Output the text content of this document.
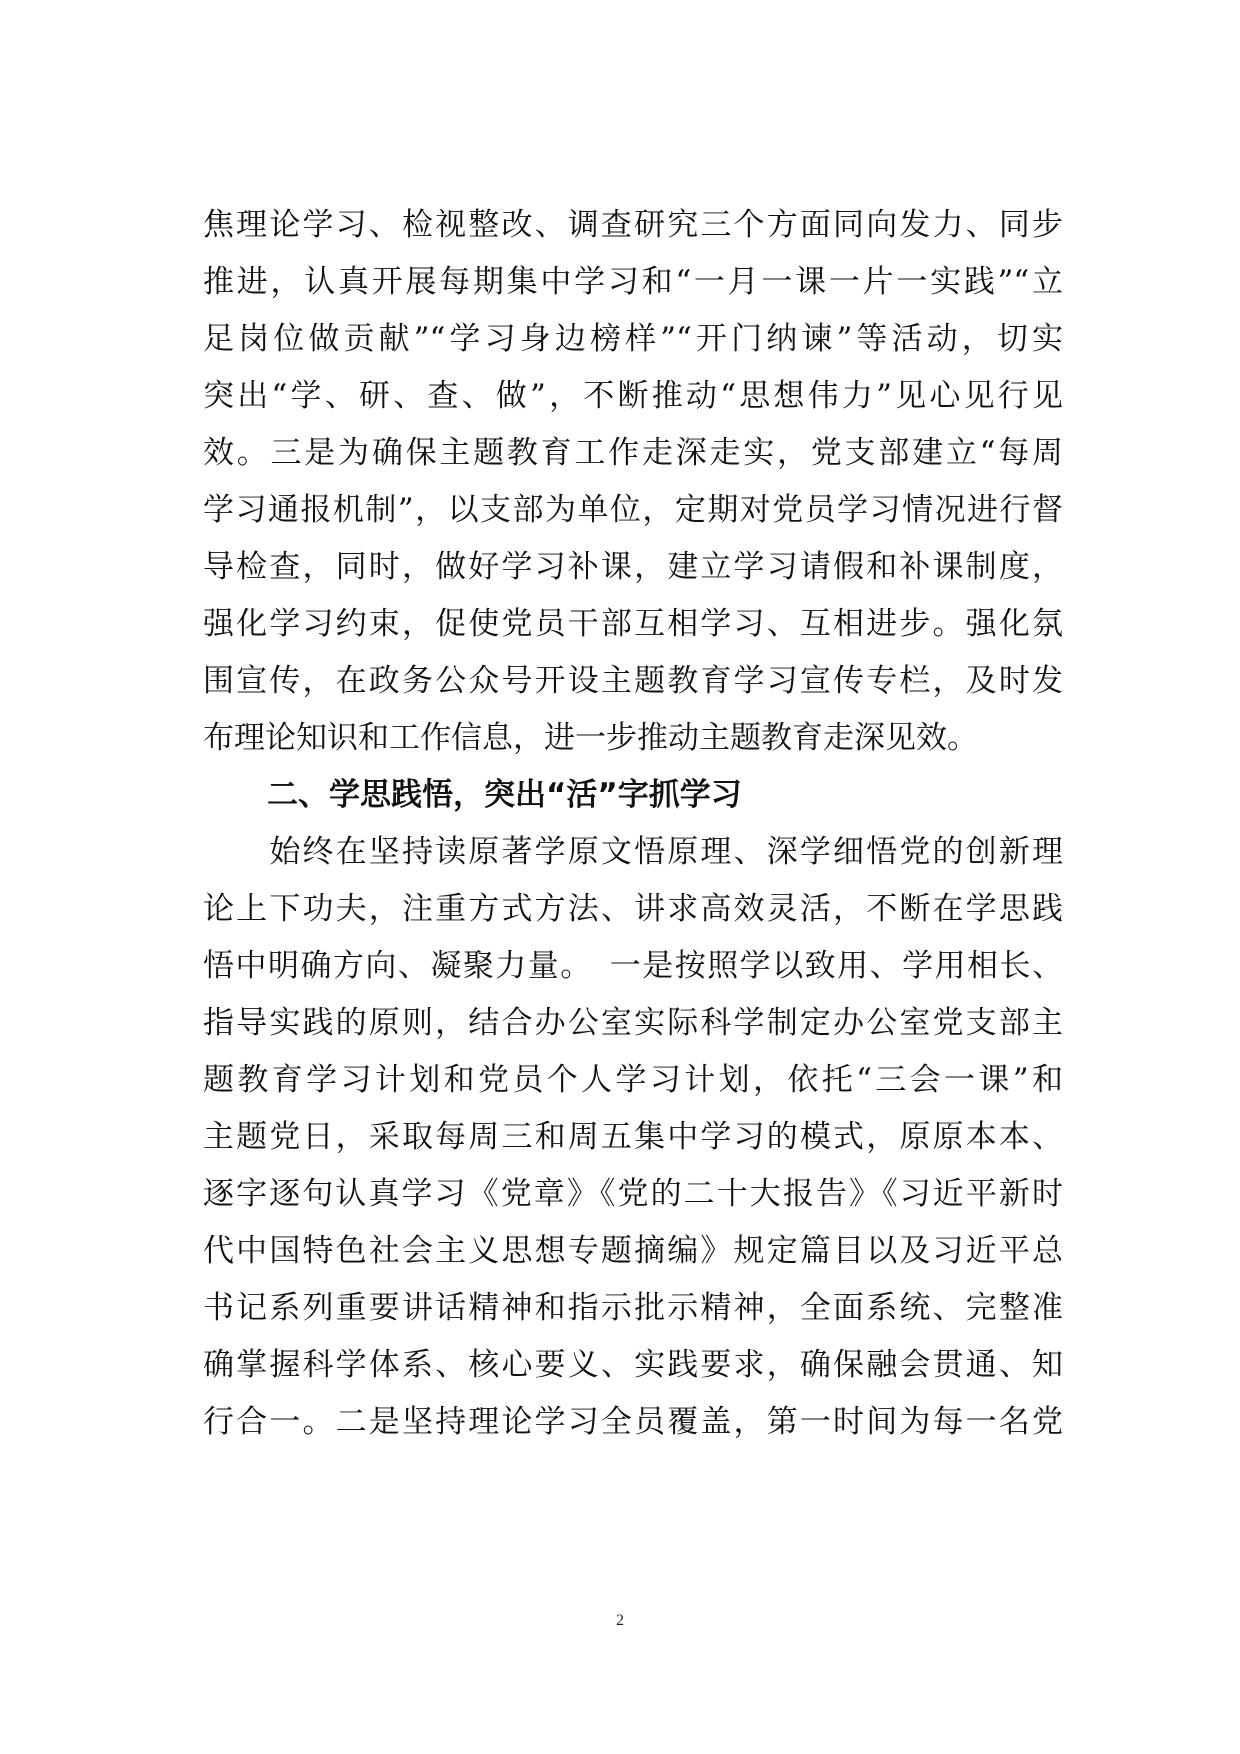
焦理论学习、检视整改、调查研究三个方面同向发力、同步
推进，认真开展每期集中学习和“一月一课一片一实践”“立
足岗位做贡献”“学习身边榜样”“开门纳谏”等活动，切实
突出“学、研、查、做”，不断推动“思想伟力”见心见行见
效。三是为确保主题教育工作走深走实，党支部建立“每周
学习通报机制”，以支部为单位，定期对党员学习情况进行督
导检查，同时，做好学习补课，建立学习请假和补课制度，
强化学习约束，促使党员干部互相学习、互相进步。强化氛
围宣传，在政务公众号开设主题教育学习宣传专栏，及时发
布理论知识和工作信息，进一步推动主题教育走深见效。
二、学思践悟，突出“活”字抓学习
　　始终在坚持读原著学原文悟原理、深学细悟党的创新理
论上下功夫，注重方式方法、讲求高效灵活，不断在学思践
悟中明确方向、凝聚力量。　一是按照学以致用、学用相长、
指导实践的原则，结合办公室实际科学制定办公室党支部主
题教育学习计划和党员个人学习计划，依托“三会一课”和
主题党日，采取每周三和周五集中学习的模式，原原本本、
逐字逐句认真学习《党章》《党的二十大报告》《习近平新时
代中国特色社会主义思想专题摘编》规定篇目以及习近平总
书记系列重要讲话精神和指示批示精神，全面系统、完整准
确掌握科学体系、核心要义、实践要求，确保融会贯通、知
行合一。二是坚持理论学习全员覆盖，第一时间为每一名党
2
